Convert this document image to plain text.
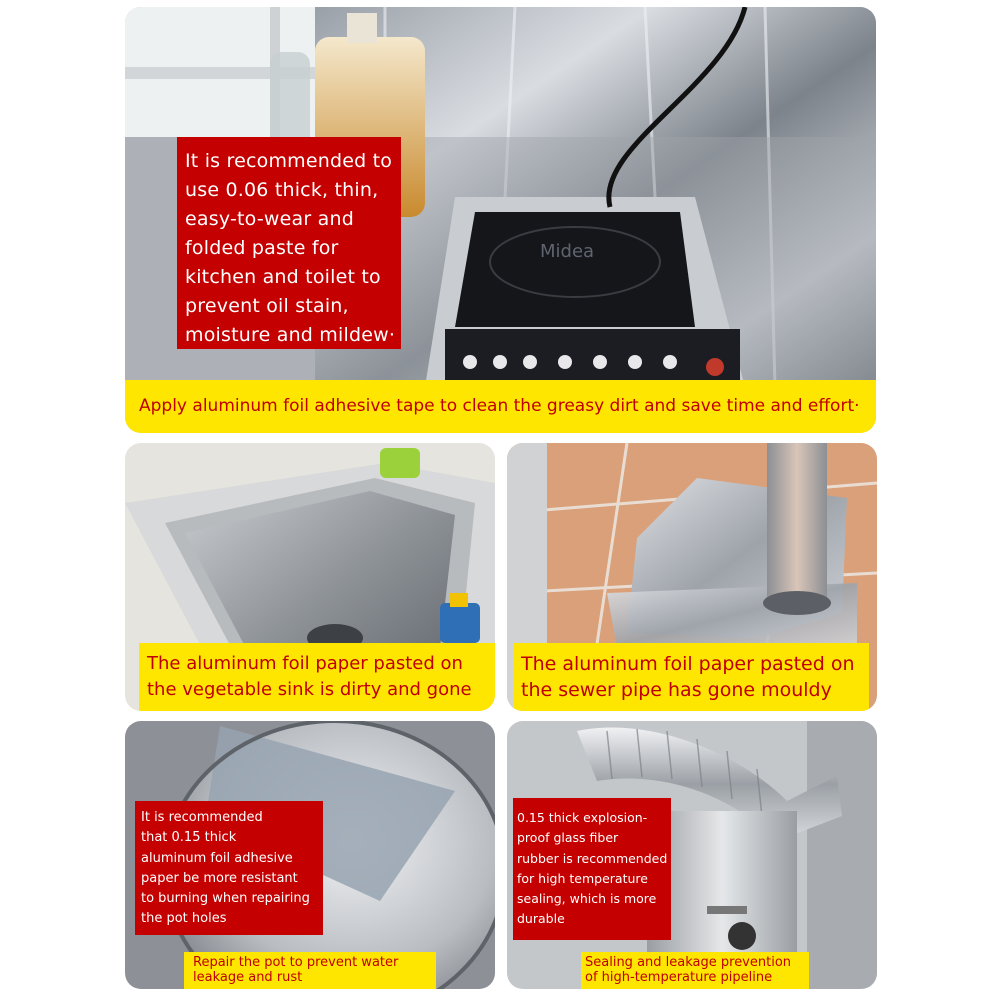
Midea
It is recommended to
use 0.06 thick, thin,
easy-to-wear and
folded paste for
kitchen and toilet to
prevent oil stain,
moisture and mildew·
Apply aluminum foil adhesive tape to clean the greasy dirt and save time and effort·
The aluminum foil paper pasted on
the vegetable sink is dirty and gone
The aluminum foil paper pasted on
the sewer pipe has gone mouldy
It is recommended
that 0.15 thick
aluminum foil adhesive
paper be more resistant
to burning when repairing
the pot holes
Repair the pot to prevent water
leakage and rust
0.15 thick explosion-
proof glass fiber
rubber is recommended
for high temperature
sealing, which is more
durable
Sealing and leakage prevention
of high-temperature pipeline
